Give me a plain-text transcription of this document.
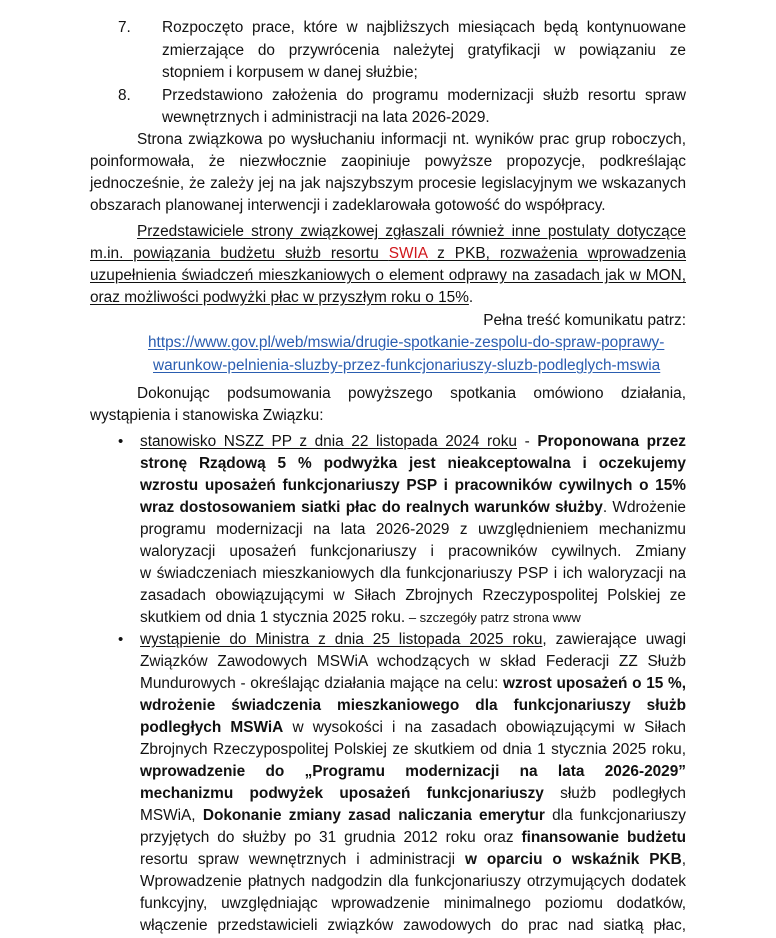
7. Rozpoczęto prace, które w najbliższych miesiącach będą kontynuowane
zmierzające do przywrócenia należytej gratyfikacji w powiązaniu ze
stopniem i korpusem w danej służbie;
8. Przedstawiono założenia do programu modernizacji służb resortu spraw
wewnętrznych i administracji na lata 2026-2029.
Strona związkowa po wysłuchaniu informacji nt. wyników prac grup roboczych,
poinformowała, że niezwłocznie zaopiniuje powyższe propozycje, podkreślając
jednocześnie, że zależy jej na jak najszybszym procesie legislacyjnym we wskazanych
obszarach planowanej interwencji i zadeklarowała gotowość do współpracy.
Przedstawiciele strony związkowej zgłaszali również inne postulaty dotyczące
m.in. powiązania budżetu służb resortu SWIA z PKB, rozważenia wprowadzenia
uzupełnienia świadczeń mieszkaniowych o element odprawy na zasadach jak w MON,
oraz możliwości podwyżki płac w przyszłym roku o 15%.
Pełna treść komunikatu patrz:
https://www.gov.pl/web/mswia/drugie-spotkanie-zespolu-do-spraw-poprawy-
warunkow-pelnienia-sluzby-przez-funkcjonariuszy-sluzb-podleglych-mswia
Dokonując podsumowania powyższego spotkania omówiono działania,
wystąpienia i stanowiska Związku:
• stanowisko NSZZ PP z dnia 22 listopada 2024 roku - Proponowana przez
stronę Rządową 5 % podwyżka jest nieakceptowalna i oczekujemy
wzrostu uposażeń funkcjonariuszy PSP i pracowników cywilnych o 15%
wraz dostosowaniem siatki płac do realnych warunków służby. Wdrożenie
programu modernizacji na lata 2026-2029 z uwzględnieniem mechanizmu
waloryzacji uposażeń funkcjonariuszy i pracowników cywilnych. Zmiany
w świadczeniach mieszkaniowych dla funkcjonariuszy PSP i ich waloryzacji na
zasadach obowiązującymi w Siłach Zbrojnych Rzeczypospolitej Polskiej ze
skutkiem od dnia 1 stycznia 2025 roku. – szczegóły patrz strona www
• wystąpienie do Ministra z dnia 25 listopada 2025 roku, zawierające uwagi
Związków Zawodowych MSWiA wchodzących w skład Federacji ZZ Służb
Mundurowych - określając działania mające na celu: wzrost uposażeń o 15 %,
wdrożenie świadczenia mieszkaniowego dla funkcjonariuszy służb
podległych MSWiA w wysokości i na zasadach obowiązującymi w Siłach
Zbrojnych Rzeczypospolitej Polskiej ze skutkiem od dnia 1 stycznia 2025 roku,
wprowadzenie do „Programu modernizacji na lata 2026-2029”
mechanizmu podwyżek uposażeń funkcjonariuszy służb podległych
MSWiA, Dokonanie zmiany zasad naliczania emerytur dla funkcjonariuszy
przyjętych do służby po 31 grudnia 2012 roku oraz finansowanie budżetu
resortu spraw wewnętrznych i administracji w oparciu o wskaźnik PKB,
Wprowadzenie płatnych nadgodzin dla funkcjonariuszy otrzymujących dodatek
funkcyjny, uwzględniając wprowadzenie minimalnego poziomu dodatków,
włączenie przedstawicieli związków zawodowych do prac nad siatką płac,
